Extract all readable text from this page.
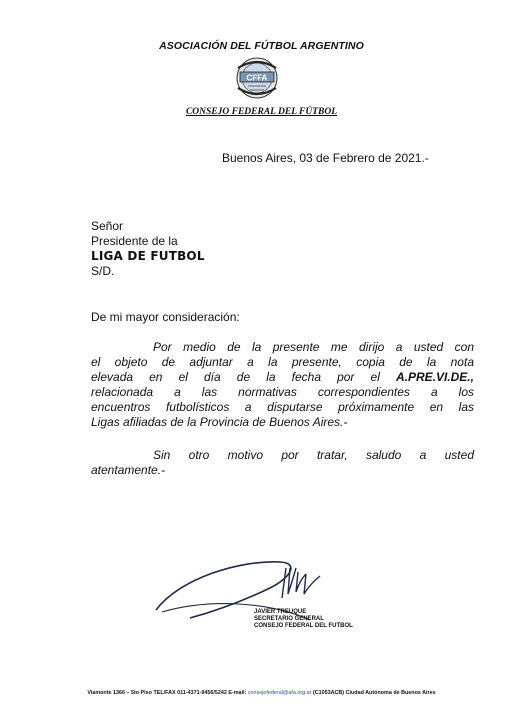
ASOCIACIÓN DEL FÚTBOL ARGENTINO
CFFA
CONSEJO FEDERAL DEL FÚTBOL
Buenos Aires, 03 de Febrero de 2021.-
Señor
Presidente de la
LIGA DE FUTBOL
S/D.
De mi mayor consideración:
Por medio de la presente me dirijo a usted con
el objeto de adjuntar a la presente, copia de la nota
elevada en el día de la fecha por el A.PRE.VI.DE.,
relacionada a las normativas correspondientes a los
encuentros futbolísticos a disputarse próximamente en las
Ligas afiliadas de la Provincia de Buenos Aires.-
Sin otro motivo por tratar, saludo a usted
atentamente.-
JAVIER TREUQUE
SECRETARIO GENERAL
CONSEJO FEDERAL DEL FUTBOL
Viamonte 1366 – 5to Piso TEL/FAX 011-4371-9456/5242 E-mail: consejofederal@afa.org.ar (C1053ACB) Ciudad Autónoma de Buenos Aires
